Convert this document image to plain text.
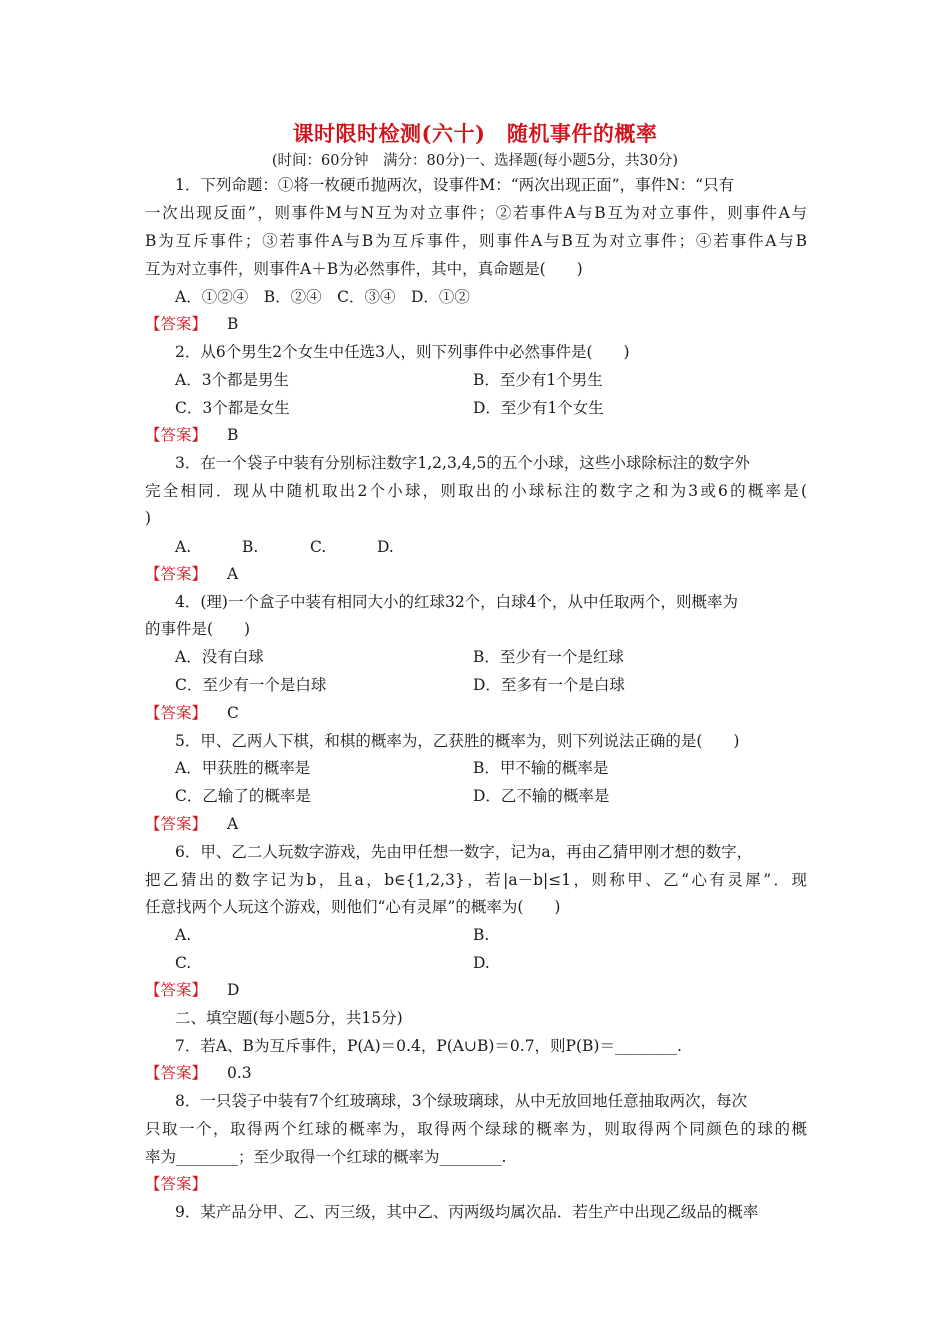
课时限时检测(六十)　随机事件的概率
(时间：60分钟　满分：80分)一、选择题(每小题5分，共30分)
1．下列命题：①将一枚硬币抛两次，设事件M：“两次出现正面”，事件N：“只有
一次出现反面”，则事件M与N互为对立事件；②若事件A与B互为对立事件，则事件A与
B为互斥事件；③若事件A与B为互斥事件，则事件A与B互为对立事件；④若事件A与B
互为对立事件，则事件A＋B为必然事件，其中，真命题是(　　)
A．①②④　B．②④　C．③④　D．①②
【答案】 B
2．从6个男生2个女生中任选3人，则下列事件中必然事件是(　　)
A．3个都是男生	B．至少有1个男生
C．3个都是女生	D．至少有1个女生
【答案】 B
3．在一个袋子中装有分别标注数字1,2,3,4,5的五个小球，这些小球除标注的数字外
完全相同．现从中随机取出2个小球，则取出的小球标注的数字之和为3或6的概率是(
)
A.	B.	C.	D.
【答案】 A
4．(理)一个盒子中装有相同大小的红球32个，白球4个，从中任取两个，则概率为
的事件是(　　)
A．没有白球	B．至少有一个是红球
C．至少有一个是白球	D．至多有一个是白球
【答案】 C
5．甲、乙两人下棋，和棋的概率为，乙获胜的概率为，则下列说法正确的是(　　)
A．甲获胜的概率是	B．甲不输的概率是
C．乙输了的概率是	D．乙不输的概率是
【答案】 A
6．甲、乙二人玩数字游戏，先由甲任想一数字，记为a，再由乙猜甲刚才想的数字，
把乙猜出的数字记为b，且a，b∈{1,2,3}，若|a－b|≤1，则称甲、乙“心有灵犀”．现
任意找两个人玩这个游戏，则他们“心有灵犀”的概率为(　　)
A.	B.
C.	D.
【答案】 D
二、填空题(每小题5分，共15分)
7．若A、B为互斥事件，P(A)＝0.4，P(A∪B)＝0.7，则P(B)＝________.
【答案】 0.3
8．一只袋子中装有7个红玻璃球，3个绿玻璃球，从中无放回地任意抽取两次，每次
只取一个，取得两个红球的概率为，取得两个绿球的概率为，则取得两个同颜色的球的概
率为________；至少取得一个红球的概率为________.
【答案】
9．某产品分甲、乙、丙三级，其中乙、丙两级均属次品．若生产中出现乙级品的概率
